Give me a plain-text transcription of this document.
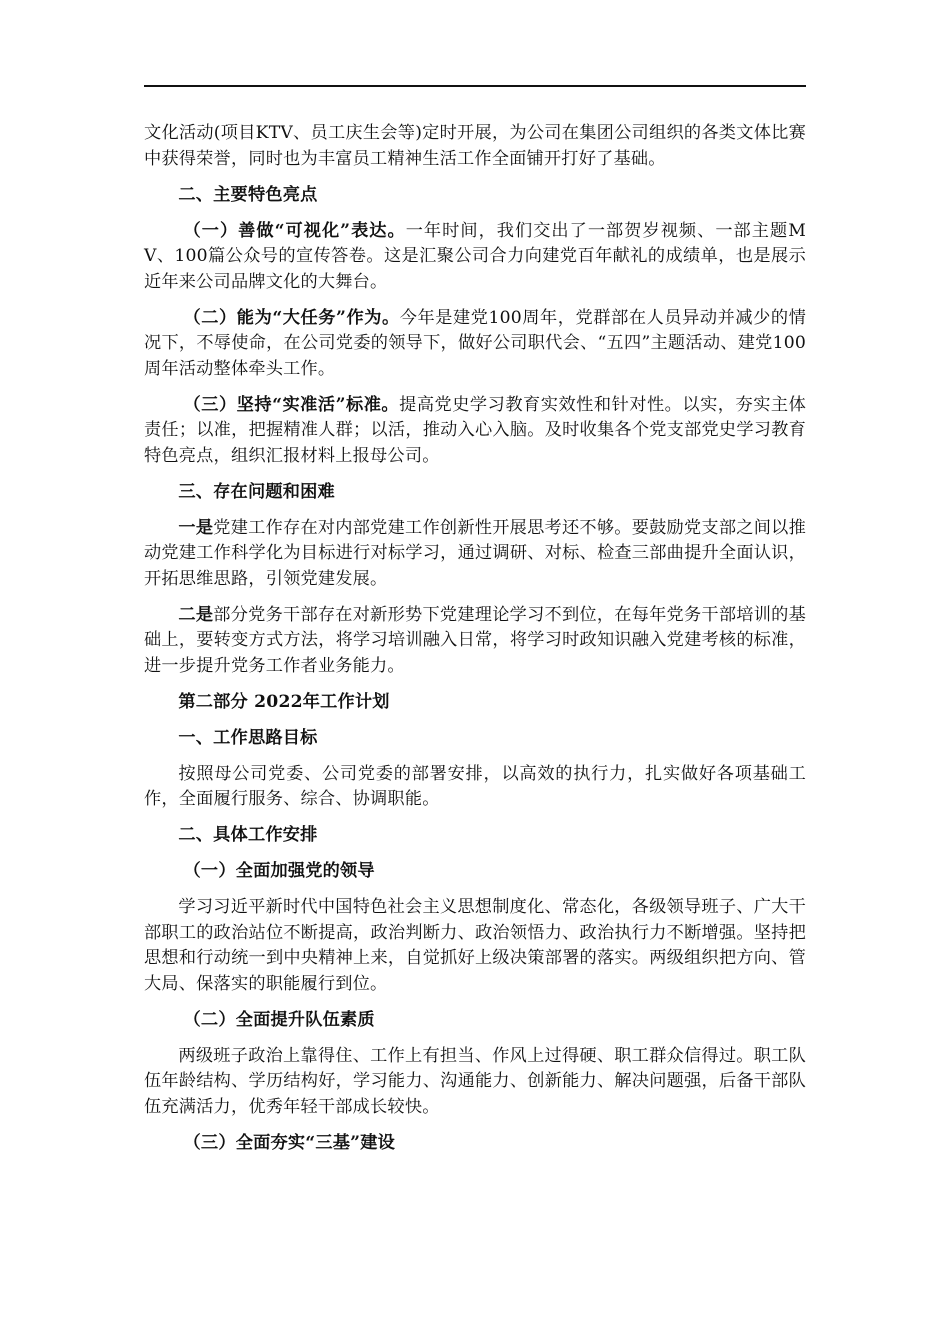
文化活动(项目KTV、员工庆生会等)定时开展，为公司在集团公司组织的各类文体比赛中获得荣誉，同时也为丰富员工精神生活工作全面铺开打好了基础。

二、主要特色亮点

（一）善做“可视化”表达。一年时间，我们交出了一部贺岁视频、一部主题MV、100篇公众号的宣传答卷。这是汇聚公司合力向建党百年献礼的成绩单，也是展示近年来公司品牌文化的大舞台。

（二）能为“大任务”作为。今年是建党100周年，党群部在人员异动并减少的情况下，不辱使命，在公司党委的领导下，做好公司职代会、“五四”主题活动、建党100周年活动整体牵头工作。

（三）坚持“实准活”标准。提高党史学习教育实效性和针对性。以实，夯实主体责任；以准，把握精准人群；以活，推动入心入脑。及时收集各个党支部党史学习教育特色亮点，组织汇报材料上报母公司。

三、存在问题和困难

一是党建工作存在对内部党建工作创新性开展思考还不够。要鼓励党支部之间以推动党建工作科学化为目标进行对标学习，通过调研、对标、检查三部曲提升全面认识，开拓思维思路，引领党建发展。

二是部分党务干部存在对新形势下党建理论学习不到位，在每年党务干部培训的基础上，要转变方式方法，将学习培训融入日常，将学习时政知识融入党建考核的标准，进一步提升党务工作者业务能力。

第二部分 2022年工作计划

一、工作思路目标

按照母公司党委、公司党委的部署安排，以高效的执行力，扎实做好各项基础工作，全面履行服务、综合、协调职能。

二、具体工作安排

（一）全面加强党的领导

学习习近平新时代中国特色社会主义思想制度化、常态化，各级领导班子、广大干部职工的政治站位不断提高，政治判断力、政治领悟力、政治执行力不断增强。坚持把思想和行动统一到中央精神上来，自觉抓好上级决策部署的落实。两级组织把方向、管大局、保落实的职能履行到位。

（二）全面提升队伍素质

两级班子政治上靠得住、工作上有担当、作风上过得硬、职工群众信得过。职工队伍年龄结构、学历结构好，学习能力、沟通能力、创新能力、解决问题强，后备干部队伍充满活力，优秀年轻干部成长较快。

（三）全面夯实“三基”建设
